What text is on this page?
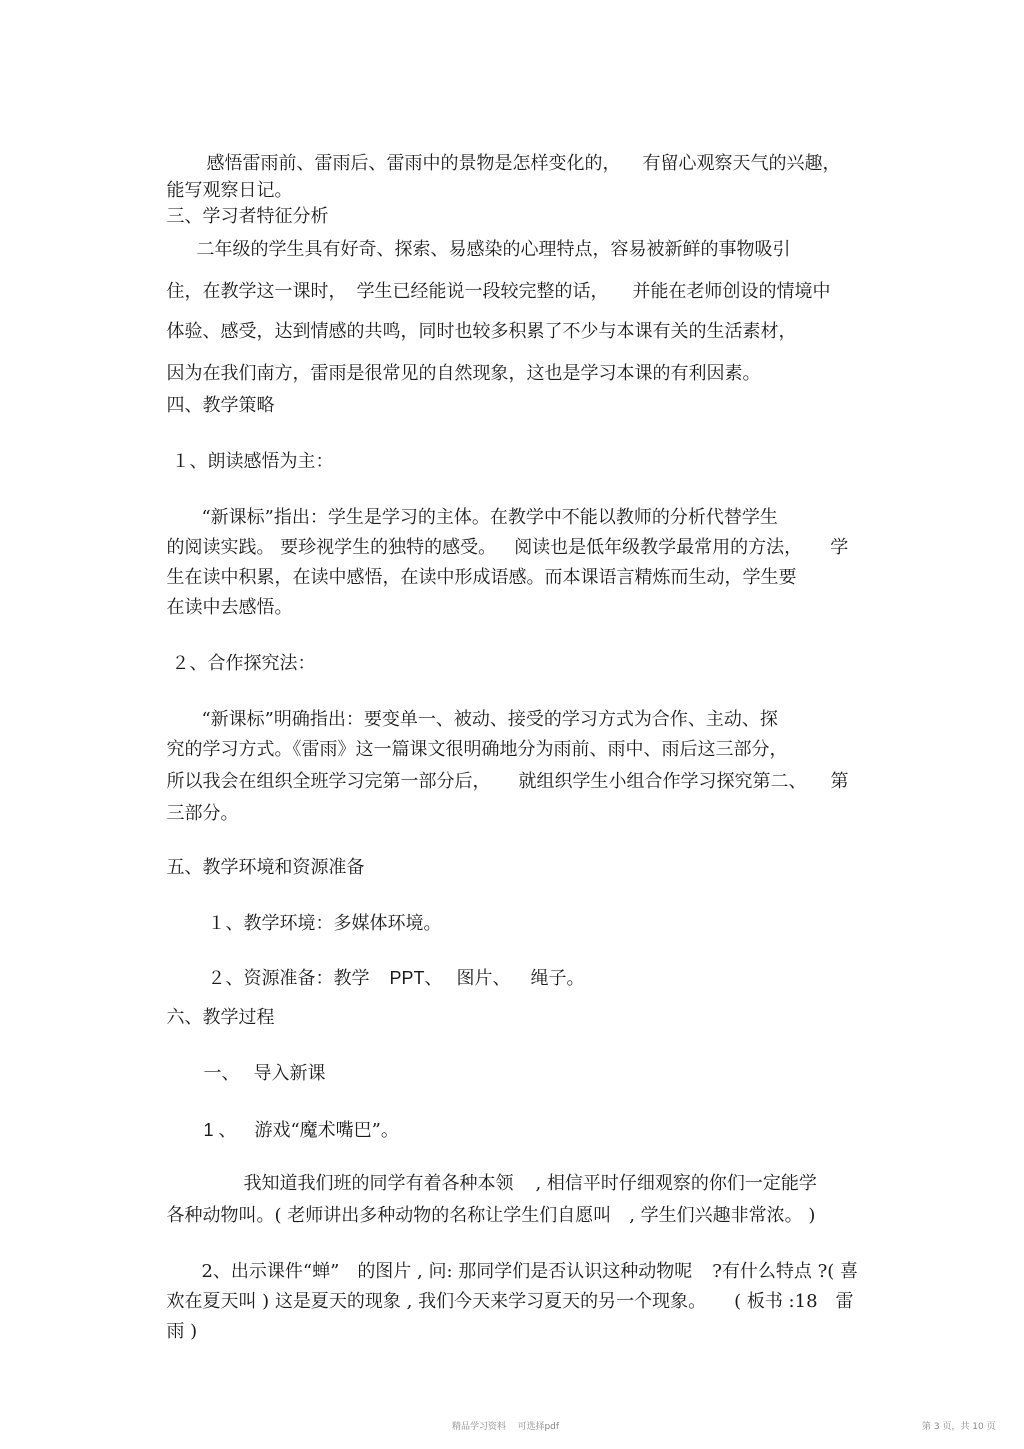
感悟雷雨前、雷雨后、雷雨中的景物是怎样变化的， 有留心观察天气的兴趣，

能写观察日记。

三、学习者特征分析

二年级的学生具有好奇、探索、易感染的心理特点，容易被新鲜的事物吸引

住，在教学这一课时， 学生已经能说一段较完整的话， 并能在老师创设的情境中

体验、感受，达到情感的共鸣，同时也较多积累了不少与本课有关的生活素材，

因为在我们南方，雷雨是很常见的自然现象，这也是学习本课的有利因素。

四、教学策略

１、朗读感悟为主：

“新课标”指出：学生是学习的主体。在教学中不能以教师的分析代替学生

的阅读实践。 要珍视学生的独特的感受。 阅读也是低年级教学最常用的方法， 学

生在读中积累，在读中感悟，在读中形成语感。而本课语言精炼而生动，学生要

在读中去感悟。

２、合作探究法：

“新课标”明确指出：要变单一、被动、接受的学习方式为合作、主动、探

究的学习方式。《雷雨》这一篇课文很明确地分为雨前、雨中、雨后这三部分，

所以我会在组织全班学习完第一部分后， 就组织学生小组合作学习探究第二、 第

三部分。

五、教学环境和资源准备

１、教学环境：多媒体环境。

２、资源准备：教学 PPT、 图片、 绳子。

六、教学过程

一、 导入新课

1 、 游戏“魔术嘴巴”。

我知道我们班的同学有着各种本领 , 相信平时仔细观察的你们一定能学

各种动物叫。( 老师讲出多种动物的名称让学生们自愿叫 , 学生们兴趣非常浓。 )

2、出示课件“蝉” 的图片 , 问: 那同学们是否认识这种动物呢 ?有什么特点 ?( 喜

欢在夏天叫 ) 这是夏天的现象 , 我们今天来学习夏天的另一个现象。 ( 板书 :18 雷

雨 )

精品学习资料    可选择pdf	第 3 页，共 10 页
